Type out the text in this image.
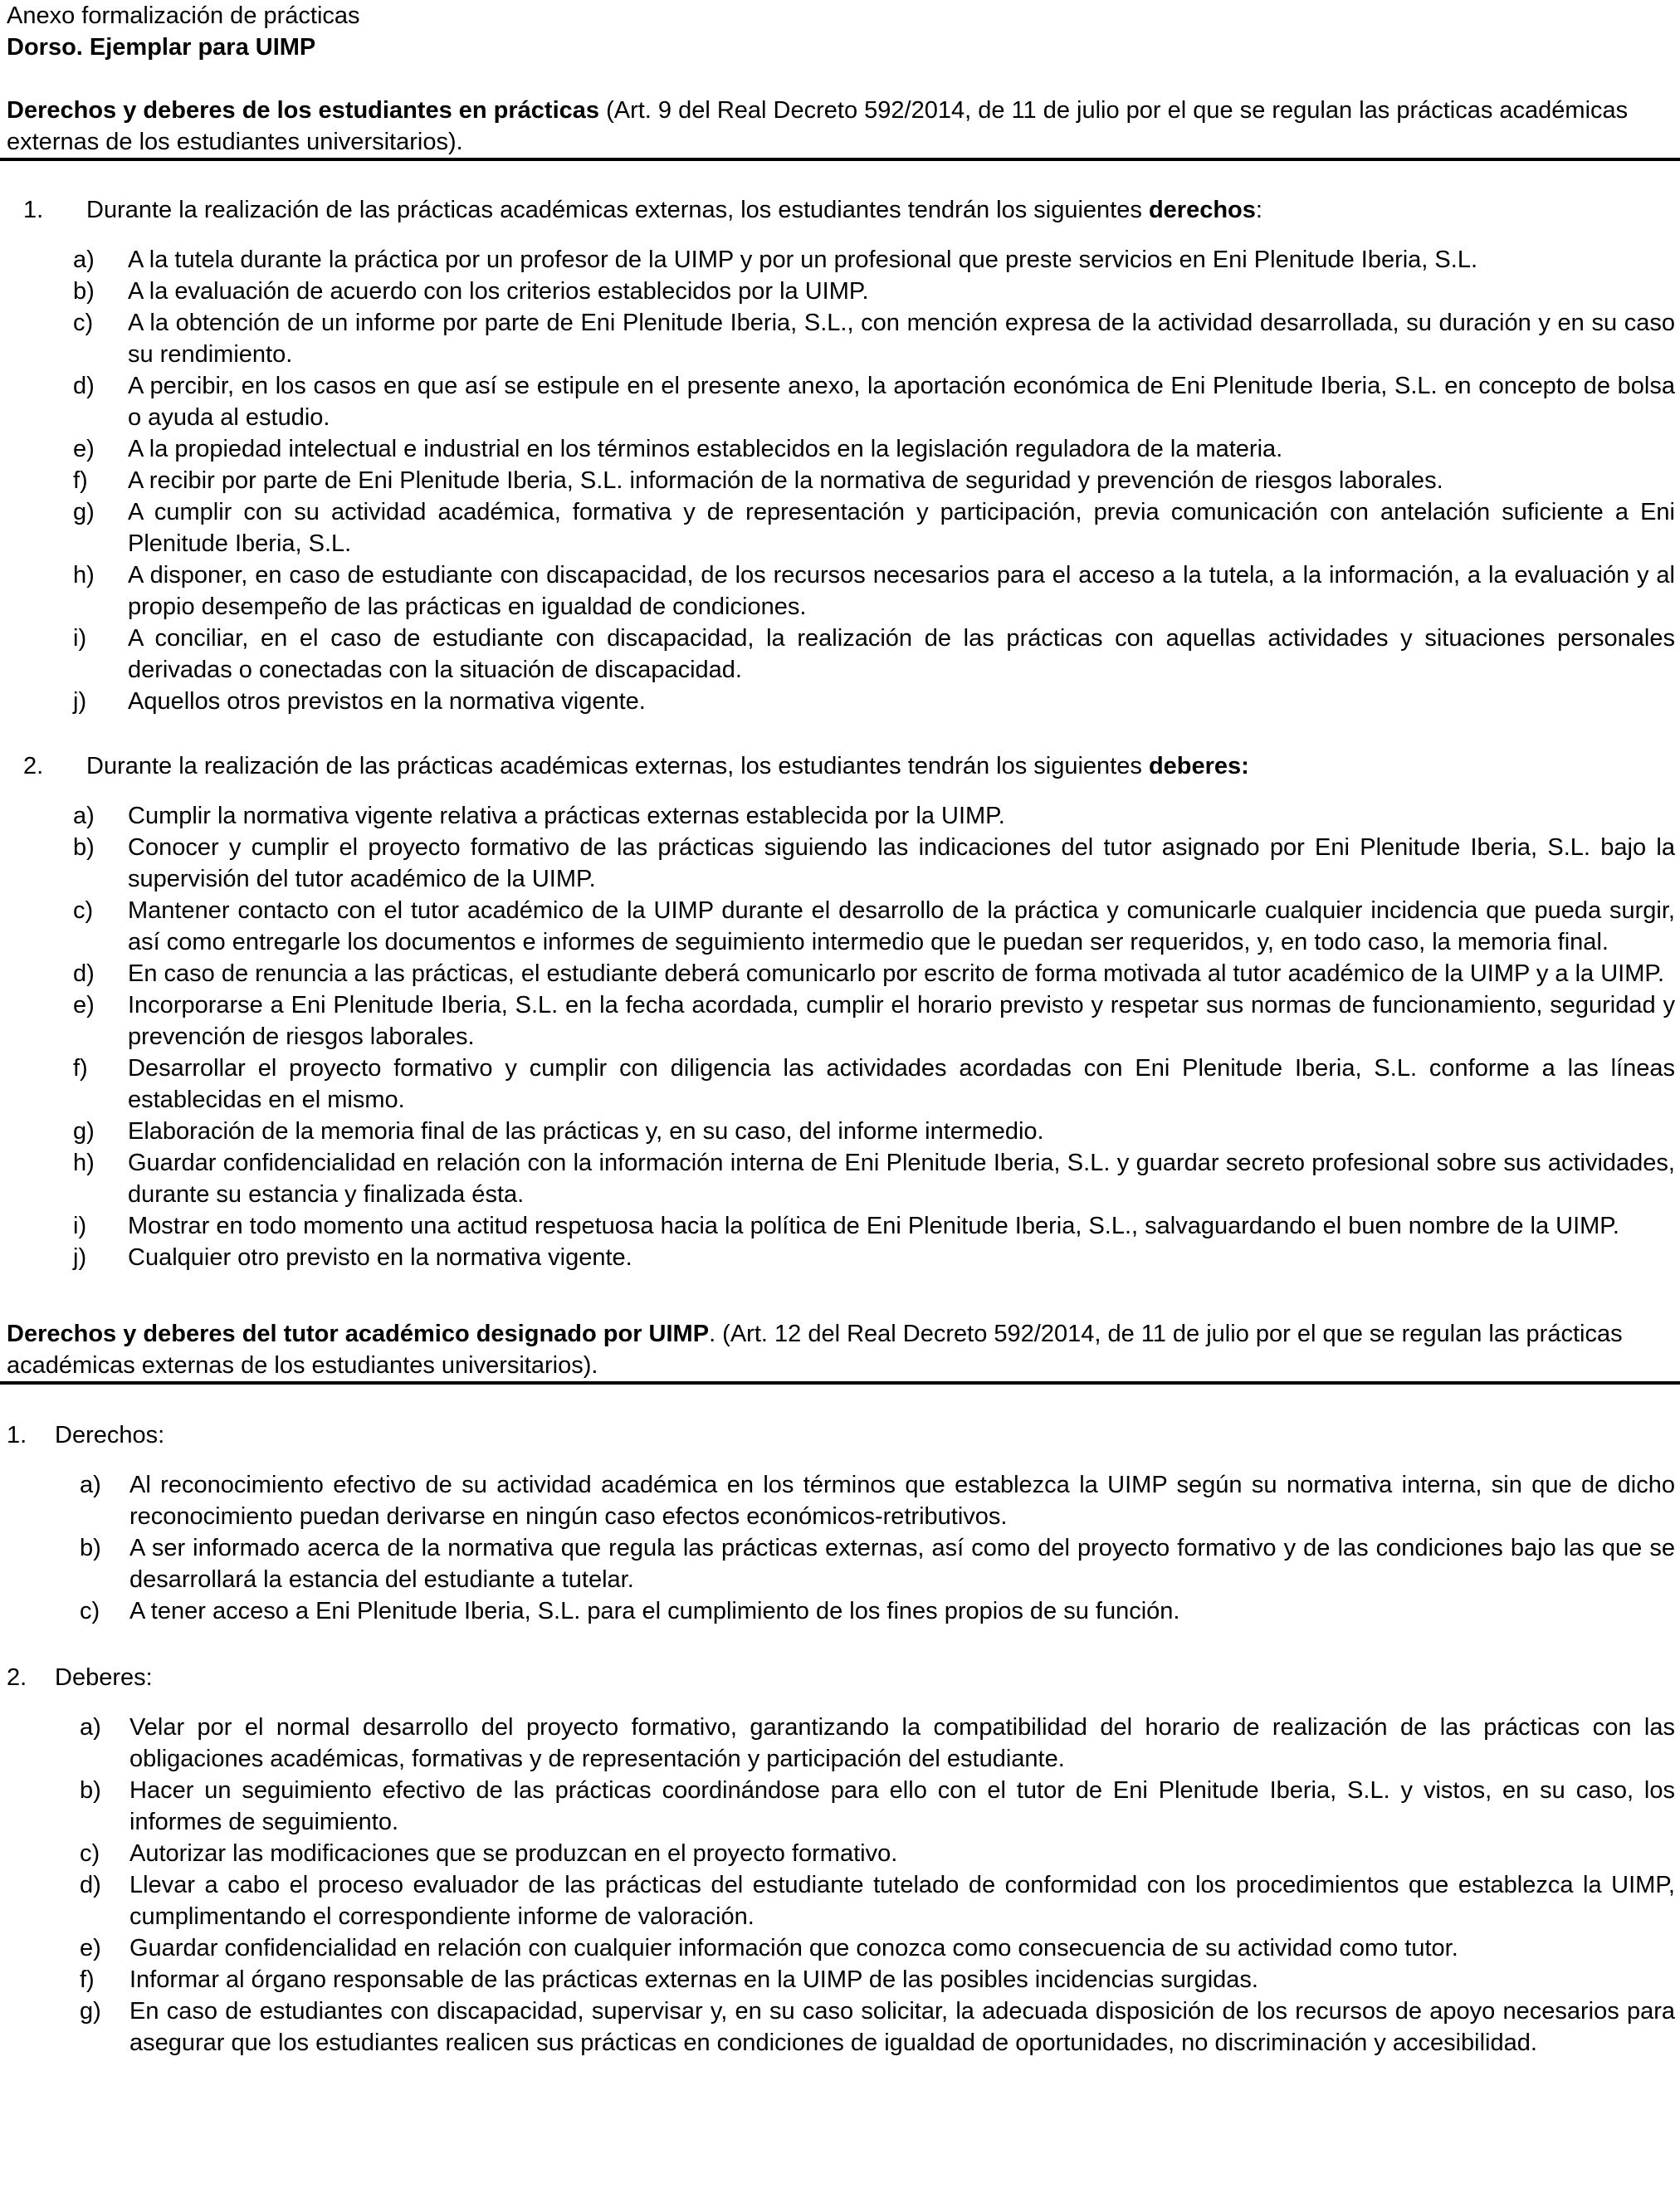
Anexo formalización de prácticas

Dorso. Ejemplar para UIMP

Derechos y deberes de los estudiantes en prácticas (Art. 9 del Real Decreto 592/2014, de 11 de julio por el que se regulan las prácticas académicas externas de los estudiantes universitarios).

1.	Durante la realización de las prácticas académicas externas, los estudiantes tendrán los siguientes derechos:
a)	A la tutela durante la práctica por un profesor de la UIMP y por un profesional que preste servicios en Eni Plenitude Iberia, S.L.
b)	A la evaluación de acuerdo con los criterios establecidos por la UIMP.
c)	A la obtención de un informe por parte de Eni Plenitude Iberia, S.L., con mención expresa de la actividad desarrollada, su duración y en su caso su rendimiento.
d)	A percibir, en los casos en que así se estipule en el presente anexo, la aportación económica de Eni Plenitude Iberia, S.L. en concepto de bolsa o ayuda al estudio.
e)	A la propiedad intelectual e industrial en los términos establecidos en la legislación reguladora de la materia.
f)	A recibir por parte de Eni Plenitude Iberia, S.L. información de la normativa de seguridad y prevención de riesgos laborales.
g)	A cumplir con su actividad académica, formativa y de representación y participación, previa comunicación con antelación suficiente a Eni Plenitude Iberia, S.L.
h)	A disponer, en caso de estudiante con discapacidad, de los recursos necesarios para el acceso a la tutela, a la información, a la evaluación y al propio desempeño de las prácticas en igualdad de condiciones.
i)	A conciliar, en el caso de estudiante con discapacidad, la realización de las prácticas con aquellas actividades y situaciones personales derivadas o conectadas con la situación de discapacidad.
j)	Aquellos otros previstos en la normativa vigente.
2.	Durante la realización de las prácticas académicas externas, los estudiantes tendrán los siguientes deberes:
a)	Cumplir la normativa vigente relativa a prácticas externas establecida por la UIMP.
b)	Conocer y cumplir el proyecto formativo de las prácticas siguiendo las indicaciones del tutor asignado por Eni Plenitude Iberia, S.L. bajo la supervisión del tutor académico de la UIMP.
c)	Mantener contacto con el tutor académico de la UIMP durante el desarrollo de la práctica y comunicarle cualquier incidencia que pueda surgir, así como entregarle los documentos e informes de seguimiento intermedio que le puedan ser requeridos, y, en todo caso, la memoria final.
d)	En caso de renuncia a las prácticas, el estudiante deberá comunicarlo por escrito de forma motivada al tutor académico de la UIMP y a la UIMP.
e)	Incorporarse a Eni Plenitude Iberia, S.L. en la fecha acordada, cumplir el horario previsto y respetar sus normas de funcionamiento, seguridad y prevención de riesgos laborales.
f)	Desarrollar el proyecto formativo y cumplir con diligencia las actividades acordadas con Eni Plenitude Iberia, S.L. conforme a las líneas establecidas en el mismo.
g)	Elaboración de la memoria final de las prácticas y, en su caso, del informe intermedio.
h)	Guardar confidencialidad en relación con la información interna de Eni Plenitude Iberia, S.L. y guardar secreto profesional sobre sus actividades, durante su estancia y finalizada ésta.
i)	Mostrar en todo momento una actitud respetuosa hacia la política de Eni Plenitude Iberia, S.L., salvaguardando el buen nombre de la UIMP.
j)	Cualquier otro previsto en la normativa vigente.

Derechos y deberes del tutor académico designado por UIMP. (Art. 12 del Real Decreto 592/2014, de 11 de julio por el que se regulan las prácticas académicas externas de los estudiantes universitarios).

1.	Derechos:
a)	Al reconocimiento efectivo de su actividad académica en los términos que establezca la UIMP según su normativa interna, sin que de dicho reconocimiento puedan derivarse en ningún caso efectos económicos-retributivos.
b)	A ser informado acerca de la normativa que regula las prácticas externas, así como del proyecto formativo y de las condiciones bajo las que se desarrollará la estancia del estudiante a tutelar.
c)	A tener acceso a Eni Plenitude Iberia, S.L. para el cumplimiento de los fines propios de su función.
2.	Deberes:
a)	Velar por el normal desarrollo del proyecto formativo, garantizando la compatibilidad del horario de realización de las prácticas con las obligaciones académicas, formativas y de representación y participación del estudiante.
b)	Hacer un seguimiento efectivo de las prácticas coordinándose para ello con el tutor de Eni Plenitude Iberia, S.L. y vistos, en su caso, los informes de seguimiento.
c)	Autorizar las modificaciones que se produzcan en el proyecto formativo.
d)	Llevar a cabo el proceso evaluador de las prácticas del estudiante tutelado de conformidad con los procedimientos que establezca la UIMP, cumplimentando el correspondiente informe de valoración.
e)	Guardar confidencialidad en relación con cualquier información que conozca como consecuencia de su actividad como tutor.
f)	Informar al órgano responsable de las prácticas externas en la UIMP de las posibles incidencias surgidas.
g)	En caso de estudiantes con discapacidad, supervisar y, en su caso solicitar, la adecuada disposición de los recursos de apoyo necesarios para asegurar que los estudiantes realicen sus prácticas en condiciones de igualdad de oportunidades, no discriminación y accesibilidad.
